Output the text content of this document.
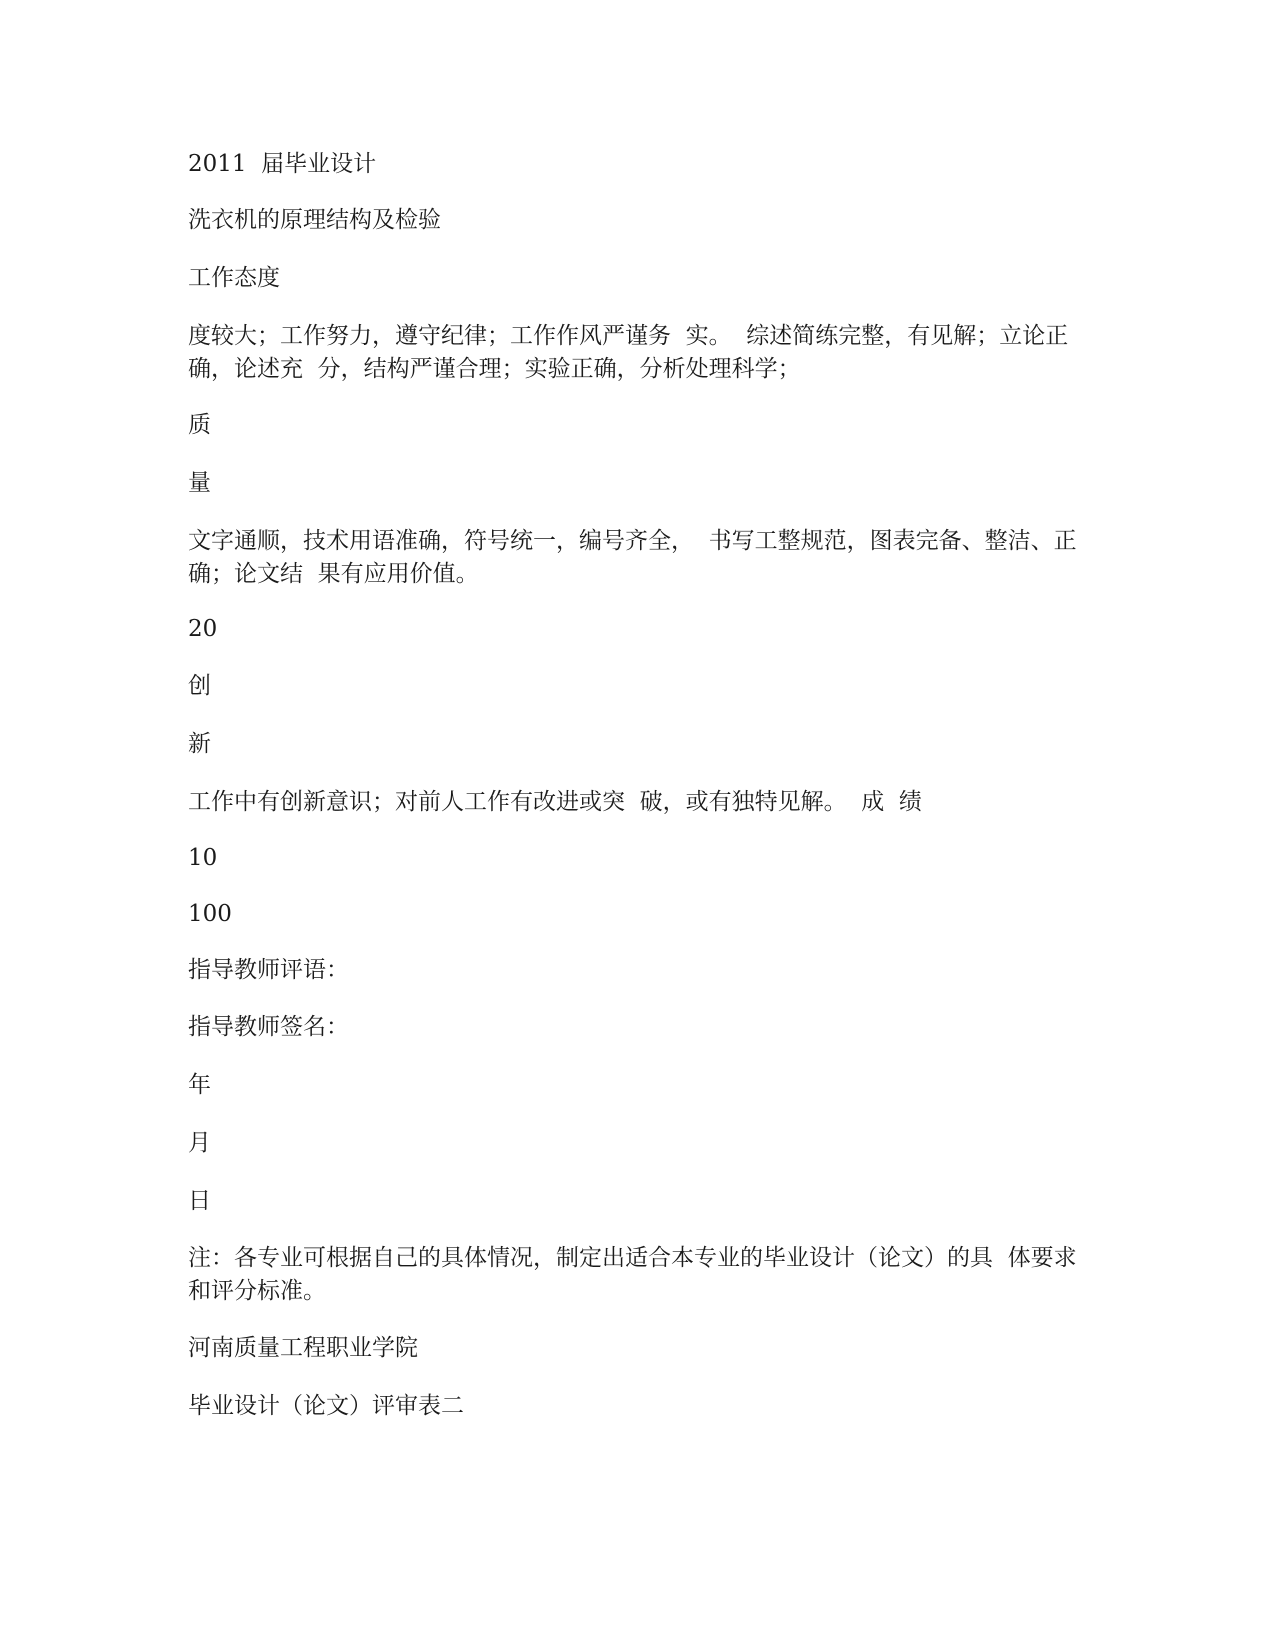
2011  届毕业设计

洗衣机的原理结构及检验

工作态度

度较大；工作努力，遵守纪律；工作作风严谨务  实。  综述简练完整，有见解；立论正确，论述充  分，结构严谨合理；实验正确，分析处理科学；

质

量

文字通顺，技术用语准确，符号统一，编号齐全，  书写工整规范，图表完备、整洁、正确；论文结  果有应用价值。

20

创

新

工作中有创新意识；对前人工作有改进或突  破，或有独特见解。  成  绩

10

100

指导教师评语：

指导教师签名：

年

月

日

注：各专业可根据自己的具体情况，制定出适合本专业的毕业设计（论文）的具  体要求和评分标准。

河南质量工程职业学院

毕业设计（论文）评审表二
